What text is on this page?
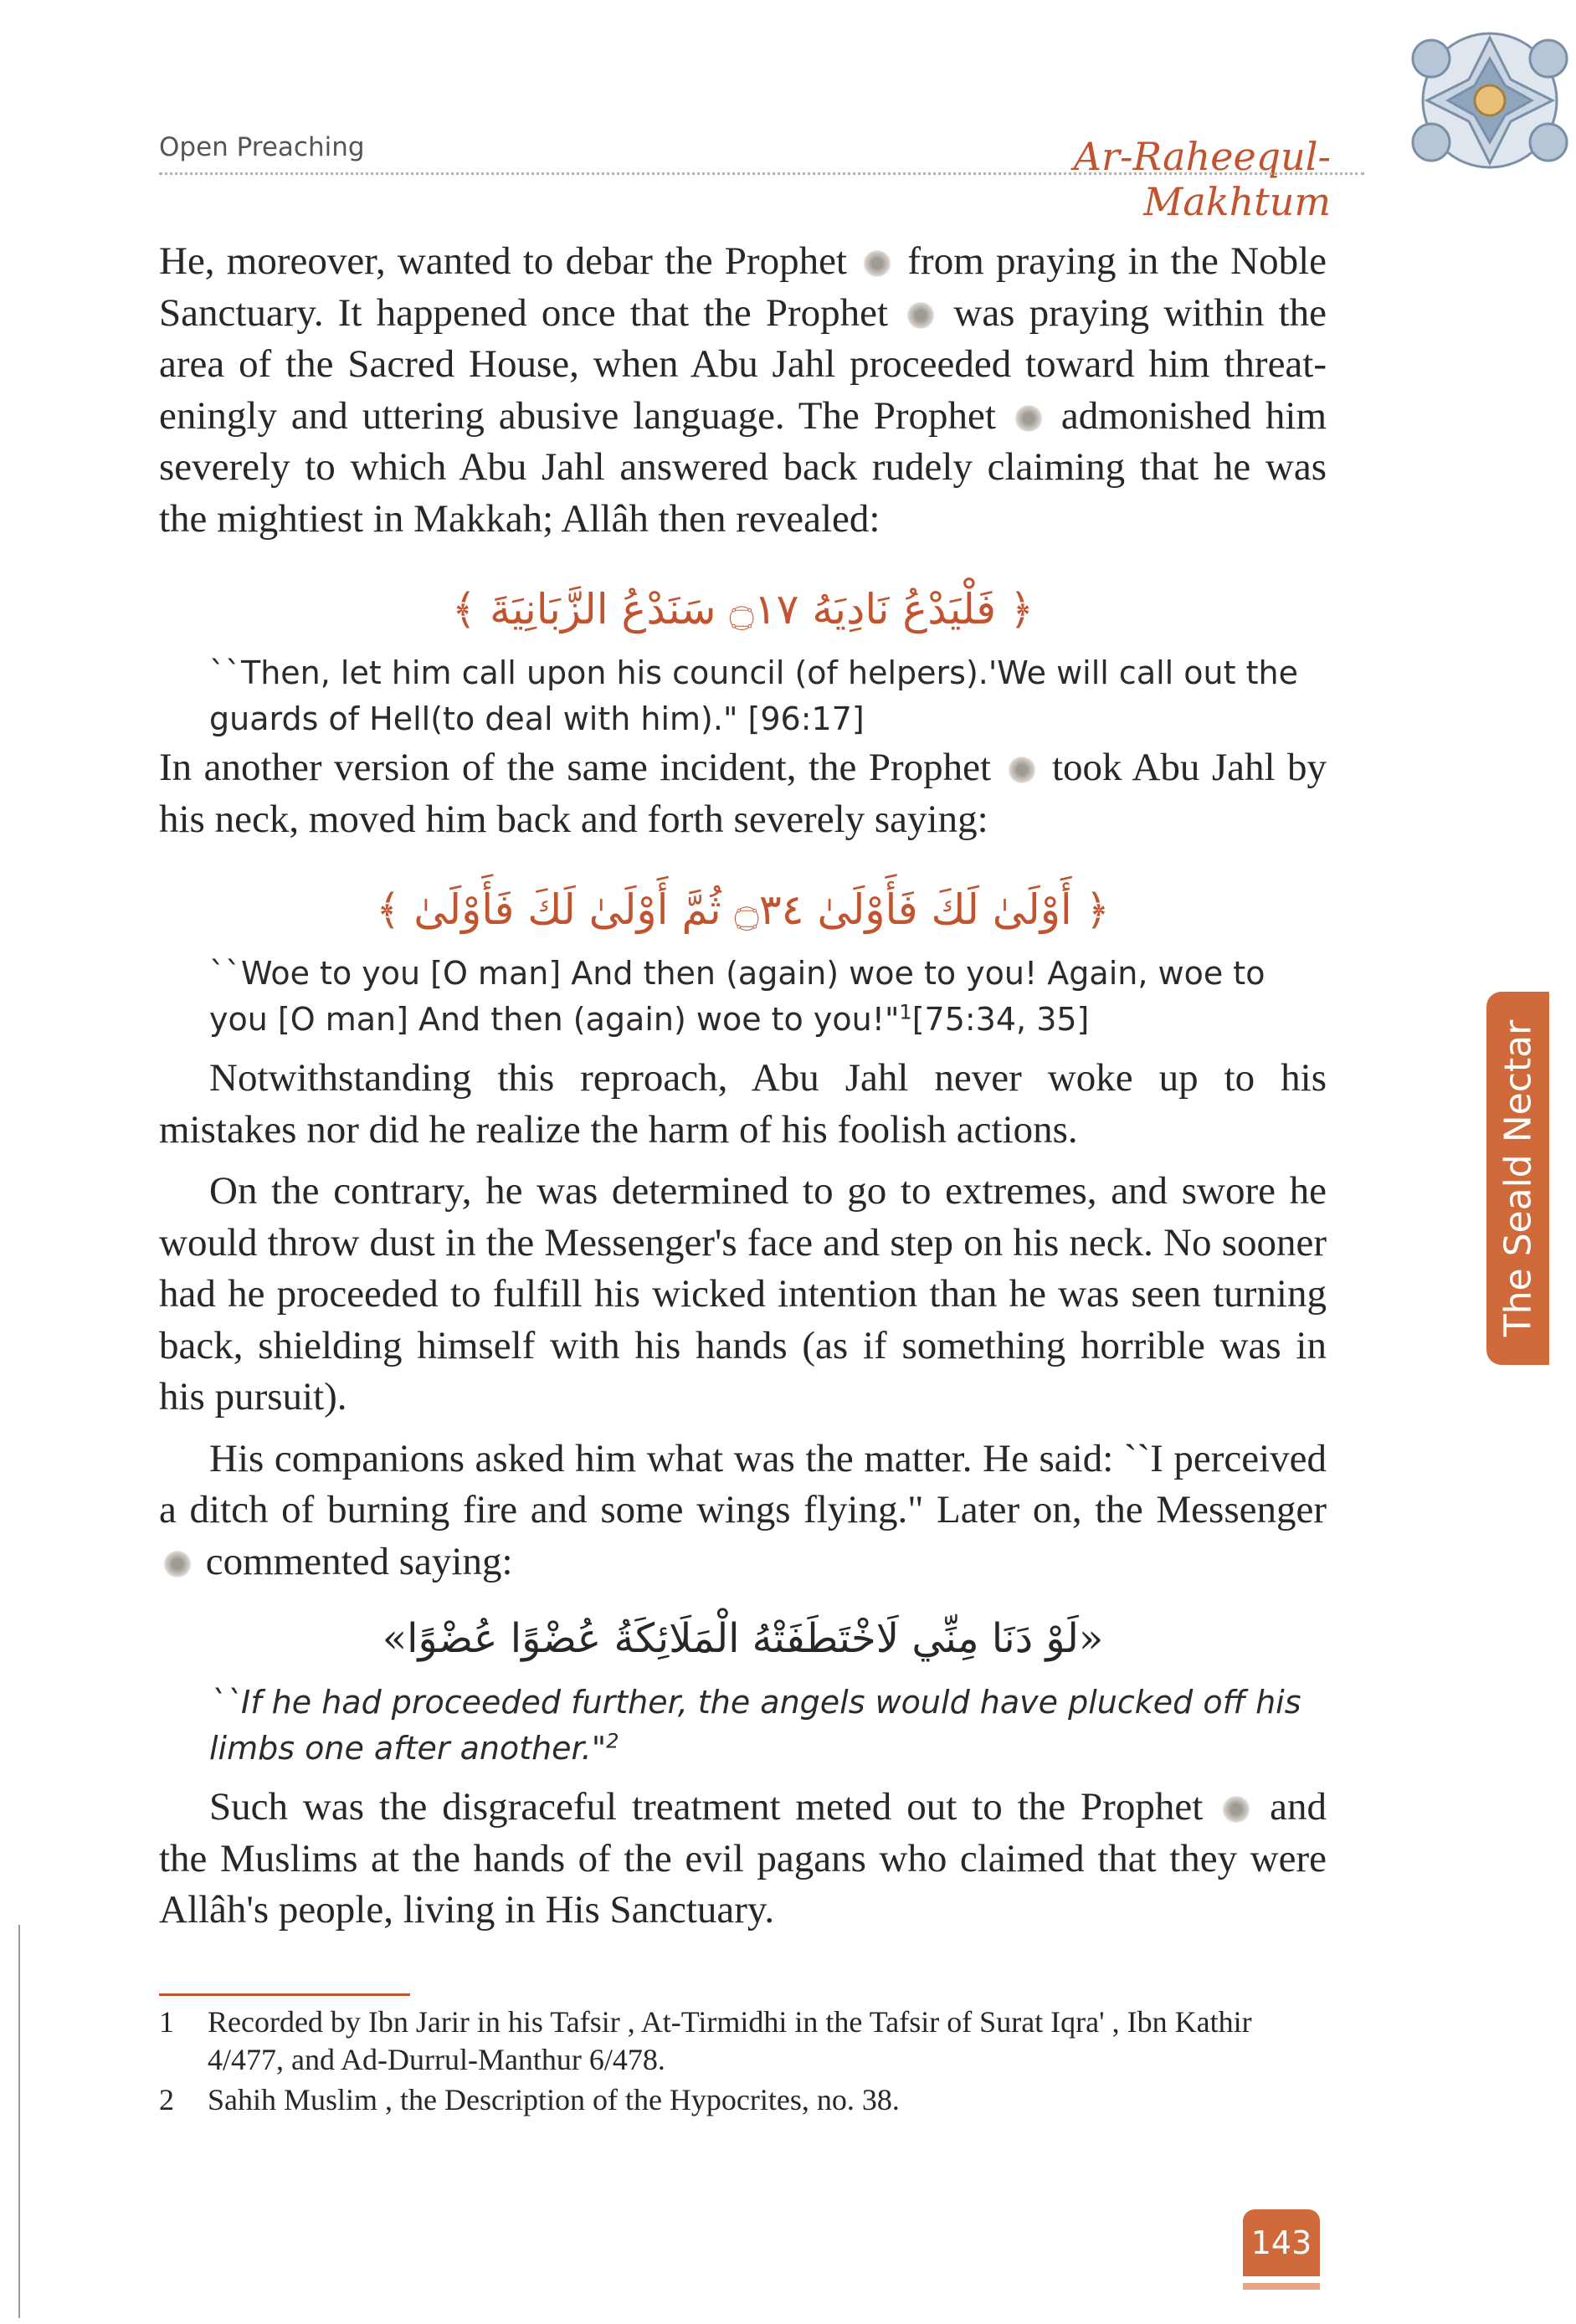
Open Preaching	Ar-Raheequl-Makhtum

He, moreover, wanted to debar the Prophet from praying in the Noble Sanctuary. It happened once that the Prophet was praying within the area of the Sacred House, when Abu Jahl proceeded toward him threat-eningly and uttering abusive language. The Prophet admonished him severely to which Abu Jahl answered back rudely claiming that he was the mightiest in Makkah; Allâh then revealed:

﴿ فَلْيَدْعُ نَادِيَهُ ۝١٧ سَنَدْعُ الزَّبَانِيَةَ ﴾

``Then, let him call upon his council (of helpers).'We will call out the guards of Hell(to deal with him)." [96:17]

In another version of the same incident, the Prophet took Abu Jahl by his neck, moved him back and forth severely saying:

﴿ أَوْلَىٰ لَكَ فَأَوْلَىٰ ۝٣٤ ثُمَّ أَوْلَىٰ لَكَ فَأَوْلَىٰ ﴾

``Woe to you [O man] And then (again) woe to you! Again, woe to you [O man] And then (again) woe to you!"$^1$[75:34, 35]

Notwithstanding this reproach, Abu Jahl never woke up to his mistakes nor did he realize the harm of his foolish actions.

On the contrary, he was determined to go to extremes, and swore he would throw dust in the Messenger's face and step on his neck. No sooner had he proceeded to fulfill his wicked intention than he was seen turning back, shielding himself with his hands (as if something horrible was in his pursuit).

His companions asked him what was the matter. He said: ``I perceived a ditch of burning fire and some wings flying." Later on, the Messenger  commented saying:

«لَوْ دَنَا مِنِّي لَاخْتَطَفَتْهُ الْمَلَائِكَةُ عُضْوًا عُضْوًا»

``If he had proceeded further, the angels would have plucked off his limbs one after another."$^2$

Such was the disgraceful treatment meted out to the Prophet and the Muslims at the hands of the evil pagans who claimed that they were Allâh's people, living in His Sanctuary.

1	Recorded by Ibn Jarir in his Tafsir , At-Tirmidhi in the Tafsir of Surat Iqra' , Ibn Kathir 4/477, and Ad-Durrul-Manthur 6/478.
2	Sahih Muslim , the Description of the Hypocrites, no. 38.
The Seald Nectar
143
